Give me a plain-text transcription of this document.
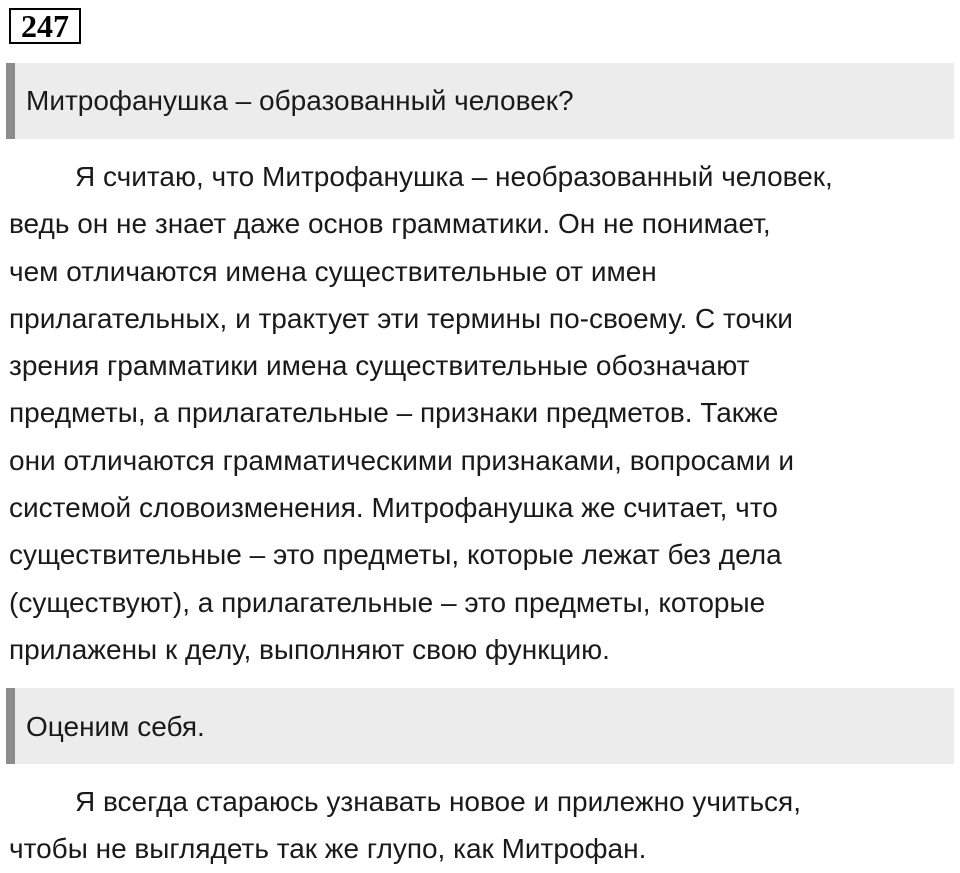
247
Митрофанушка – образованный человек?

Я считаю, что Митрофанушка – необразованный человек,
ведь он не знает даже основ грамматики. Он не понимает,
чем отличаются имена существительные от имен
прилагательных, и трактует эти термины по-своему. С точки
зрения грамматики имена существительные обозначают
предметы, а прилагательные – признаки предметов. Также
они отличаются грамматическими признаками, вопросами и
системой словоизменения. Митрофанушка же считает, что
существительные – это предметы, которые лежат без дела
(существуют), а прилагательные – это предметы, которые
прилажены к делу, выполняют свою функцию.

Оценим себя.

Я всегда стараюсь узнавать новое и прилежно учиться,
чтобы не выглядеть так же глупо, как Митрофан.
